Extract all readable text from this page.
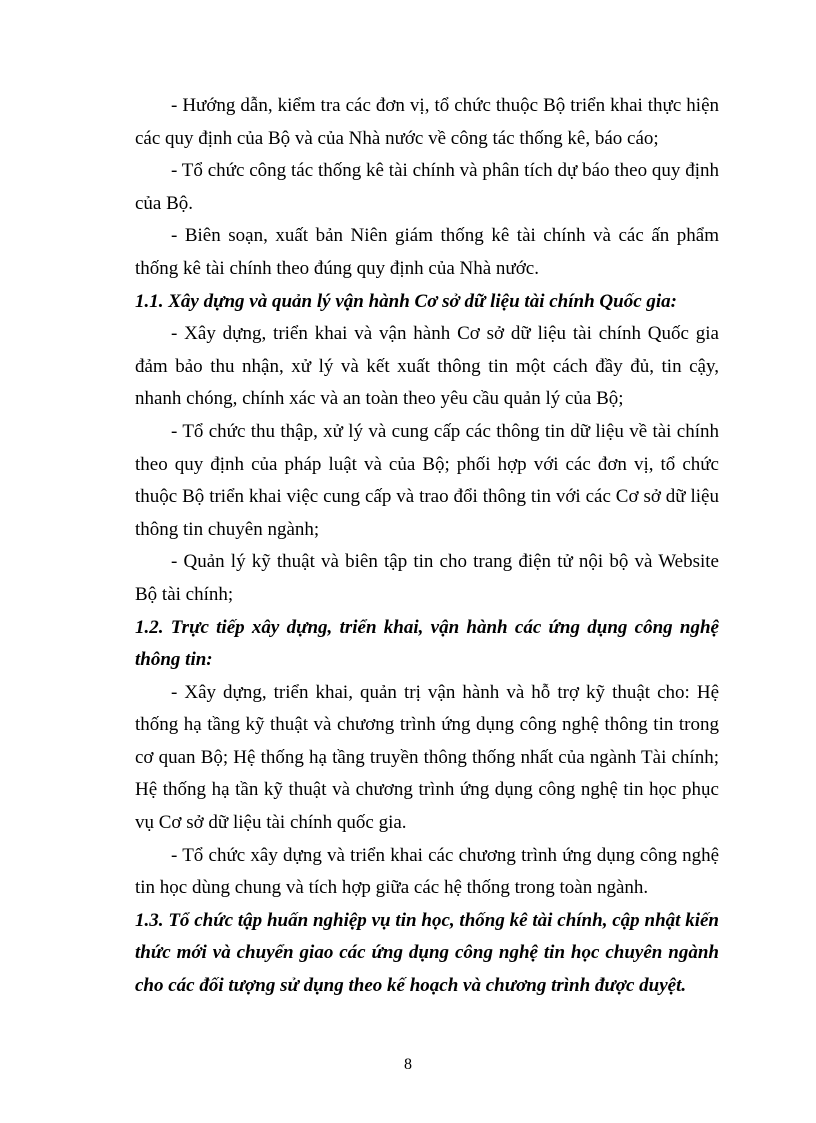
- Hướng dẫn, kiểm tra các đơn vị, tổ chức thuộc Bộ triển khai thực hiện các quy định của Bộ và của Nhà nước về công tác thống kê, báo cáo;

- Tổ chức công tác thống kê tài chính và phân tích dự báo theo quy định của Bộ.

- Biên soạn, xuất bản Niên giám thống kê tài chính và các ấn phẩm thống kê tài chính theo đúng quy định của Nhà nước.

1.1. Xây dựng và quản lý vận hành Cơ sở dữ liệu tài chính Quốc gia:

- Xây dựng, triển khai và vận hành Cơ sở dữ liệu tài chính Quốc gia đảm bảo thu nhận, xử lý và kết xuất thông tin một cách đầy đủ, tin cậy, nhanh chóng, chính xác và an toàn theo yêu cầu quản lý của Bộ;

- Tổ chức thu thập, xử lý và cung cấp các thông tin dữ liệu về tài chính theo quy định của pháp luật và của Bộ; phối hợp với các đơn vị, tổ chức thuộc Bộ triển khai việc cung cấp và trao đổi thông tin với các Cơ sở dữ liệu thông tin chuyên ngành;

- Quản lý kỹ thuật và biên tập tin cho trang điện tử nội bộ và Website Bộ tài chính;

1.2. Trực tiếp xây dựng, triển khai, vận hành các ứng dụng công nghệ thông tin:

- Xây dựng, triển khai, quản trị vận hành và hỗ trợ kỹ thuật cho: Hệ thống hạ tầng kỹ thuật và chương trình ứng dụng công nghệ thông tin trong cơ quan Bộ; Hệ thống hạ tầng truyền thông thống nhất của ngành Tài chính; Hệ thống hạ tần kỹ thuật và chương trình ứng dụng công nghệ tin học phục vụ Cơ sở dữ liệu tài chính quốc gia.

- Tổ chức xây dựng và triển khai các chương trình ứng dụng công nghệ tin học dùng chung và tích hợp giữa các hệ thống trong toàn ngành.

1.3. Tổ chức tập huấn nghiệp vụ tin học, thống kê tài chính, cập nhật kiến thức mới và chuyển giao các ứng dụng công nghệ tin học chuyên ngành cho các đối tượng sử dụng theo kế hoạch và chương trình được duyệt.

8
